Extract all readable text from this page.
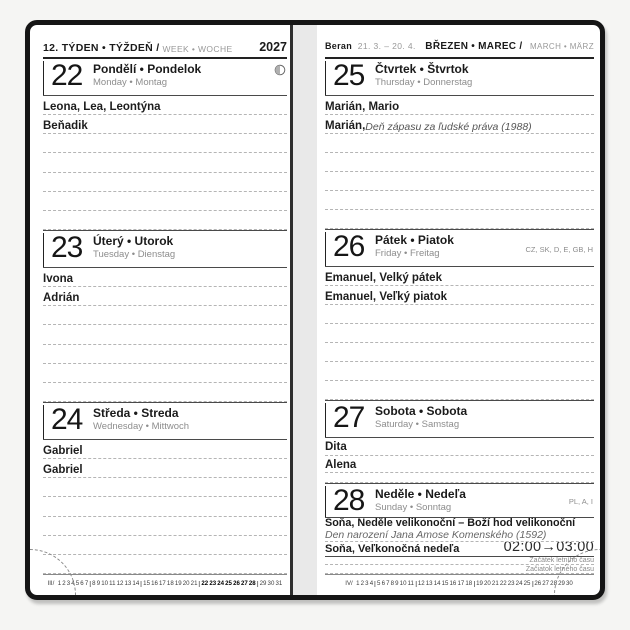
12. TÝDEN • TÝŽDEŇ / WEEK • WOCHE 2027
22 Pondělí • Pondelok
Monday • Montag
Leona, Lea, Leontýna
Beňadik
23 Úterý • Utorok
Tuesday • Dienstag
Ivona
Adrián
24 Středa • Streda
Wednesday • Mittwoch
Gabriel
Gabriel
III/ 1234567 891011121314 15161718192021 22232425262728 293031
Beran 21. 3. – 20. 4. BŘEZEN • MAREC / MARCH • MÄRZ
25 Čtvrtek • Štvrtok
Thursday • Donnerstag
Marián, Mario
Marián, Deň zápasu za ľudské práva (1988)
26 Pátek • Piatok
Friday • Freitag	CZ, SK, D, E, GB, H
Emanuel, Velký pátek
Emanuel, Veľký piatok
27 Sobota • Sobota
Saturday • Samstag
Dita
Alena
28 Neděle • Nedeľa
Sunday • Sonntag
PL, A, I
Soňa, Neděle velikonoční – Boží hod velikonoční
Den narození Jana Amose Komenského (1592)
Soňa, Veľkonočná nedeľa	02:00→03:00
Začátek letního času
Začiatok letného času
IV/ 1234 567891011 12131415161718 19202122232425 2627282930
